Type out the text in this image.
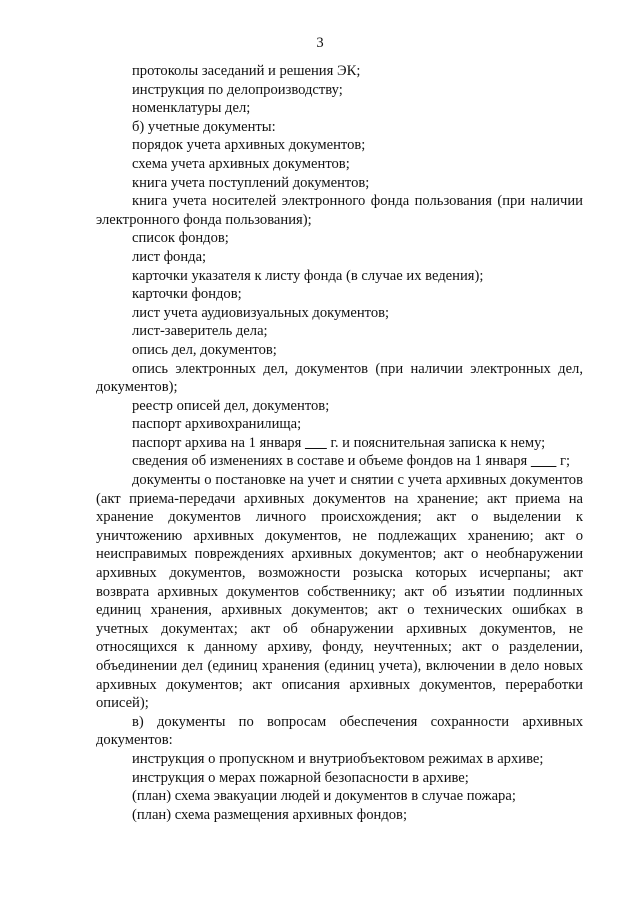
3

протоколы заседаний и решения ЭК;

инструкция по делопроизводству;

номенклатуры дел;

б) учетные документы:

порядок учета архивных документов;

схема учета архивных документов;

книга учета поступлений документов;

книга учета носителей электронного фонда пользования (при наличии электронного фонда пользования);

список фондов;

лист фонда;

карточки указателя к листу фонда (в случае их ведения);

карточки фондов;

лист учета аудиовизуальных документов;

лист-заверитель дела;

опись дел, документов;

опись электронных дел, документов (при наличии электронных дел, документов);

реестр описей дел, документов;

паспорт архивохранилища;

паспорт архива на 1 января        г. и пояснительная записка к нему;

сведения об изменениях в составе и объеме фондов на 1 января         г;

документы о постановке на учет и снятии с учета архивных документов (акт приема-передачи архивных документов на хранение; акт приема на хранение документов личного происхождения; акт о выделении к уничтожению архивных документов, не подлежащих хранению; акт о неисправимых повреждениях архивных документов; акт о необнаружении архивных документов, возможности розыска которых исчерпаны; акт возврата архивных документов собственнику; акт об изъятии подлинных единиц хранения, архивных документов; акт о технических ошибках в учетных документах; акт об обнаружении архивных документов, не относящихся к данному архиву, фонду, неучтенных; акт о разделении, объединении дел (единиц хранения (единиц учета), включении в дело новых архивных документов; акт описания архивных документов, переработки описей);

в) документы по вопросам обеспечения сохранности архивных документов:

инструкция о пропускном и внутриобъектовом режимах в архиве;

инструкция о мерах пожарной безопасности в архиве;

(план) схема эвакуации людей и документов в случае пожара;

(план) схема размещения архивных фондов;
